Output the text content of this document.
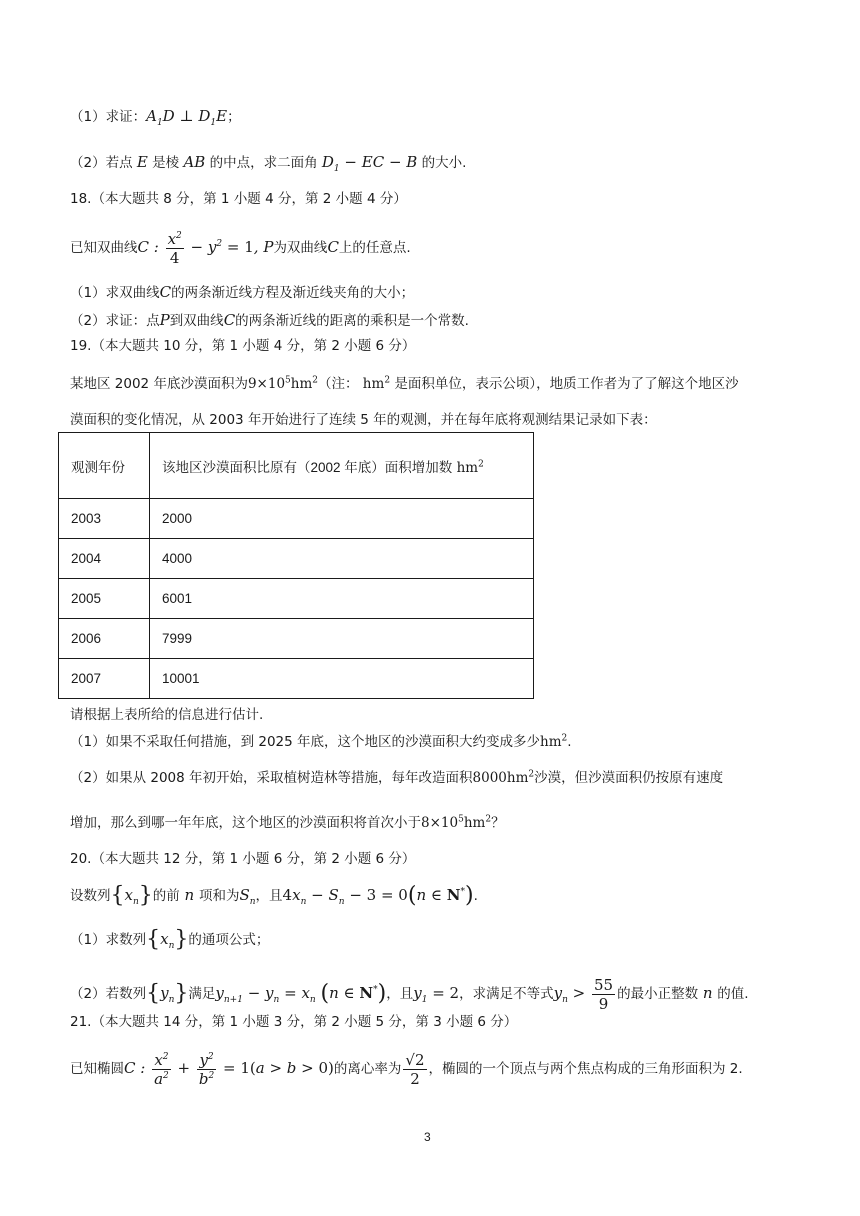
（1）求证：$A_1D$ ⊥ $D_1E$；
（2）若点 E 是棱 AB 的中点，求二面角 $D_1$ − EC − B 的大小.
18.（本大题共 8 分，第 1 小题 4 分，第 2 小题 4 分）
已知双曲线C : $\frac{x^2}{4} - y^2 = 1$, P为双曲线C上的任意点.
（1）求双曲线C的两条渐近线方程及渐近线夹角的大小；
（2）求证：点P到双曲线C的两条渐近线的距离的乘积是一个常数.
19.（本大题共 10 分，第 1 小题 4 分，第 2 小题 6 分）
某地区 2002 年底沙漠面积为$9\times 10^5hm^2$（注： $hm^2$ 是面积单位，表示公顷），地质工作者为了了解这个地区沙
漠面积的变化情况，从 2003 年开始进行了连续 5 年的观测，并在每年底将观测结果记录如下表：
观测年份	该地区沙漠面积比原有（2002 年底）面积增加数 $hm^2$
2003	2000
2004	4000
2005	6001
2006	7999
2007	10001
请根据上表所给的信息进行估计.
（1）如果不采取任何措施，到 2025 年底，这个地区的沙漠面积大约变成多少$hm^2$.
（2）如果从 2008 年初开始，采取植树造林等措施，每年改造面积$8000hm^2$沙漠，但沙漠面积仍按原有速度
增加，那么到哪一年年底，这个地区的沙漠面积将首次小于$8\times 10^5hm^2$？
20.（本大题共 12 分，第 1 小题 6 分，第 2 小题 6 分）
设数列$\{x_n\}$的前 n 项和为$S_n$，且$4x_n - S_n - 3 = 0(n$ ∈ N*).
（1）求数列$\{x_n\}$的通项公式；
（2）若数列$\{y_n\}$满足$y_{n+1} - y_n = x_n$ (n ∈ N*)，且$y_1 = 2$，求满足不等式$y_n > \frac{55}{9}$ 的最小正整数 n 的值.
21.（本大题共 14 分，第 1 小题 3 分，第 2 小题 5 分，第 3 小题 6 分）
已知椭圆C : $\frac{x^2}{a^2} + \frac{y^2}{b^2} = 1(a > b > 0)$的离心率为 $\frac{√2}{2}$ ，椭圆的一个顶点与两个焦点构成的三角形面积为 2.
3
